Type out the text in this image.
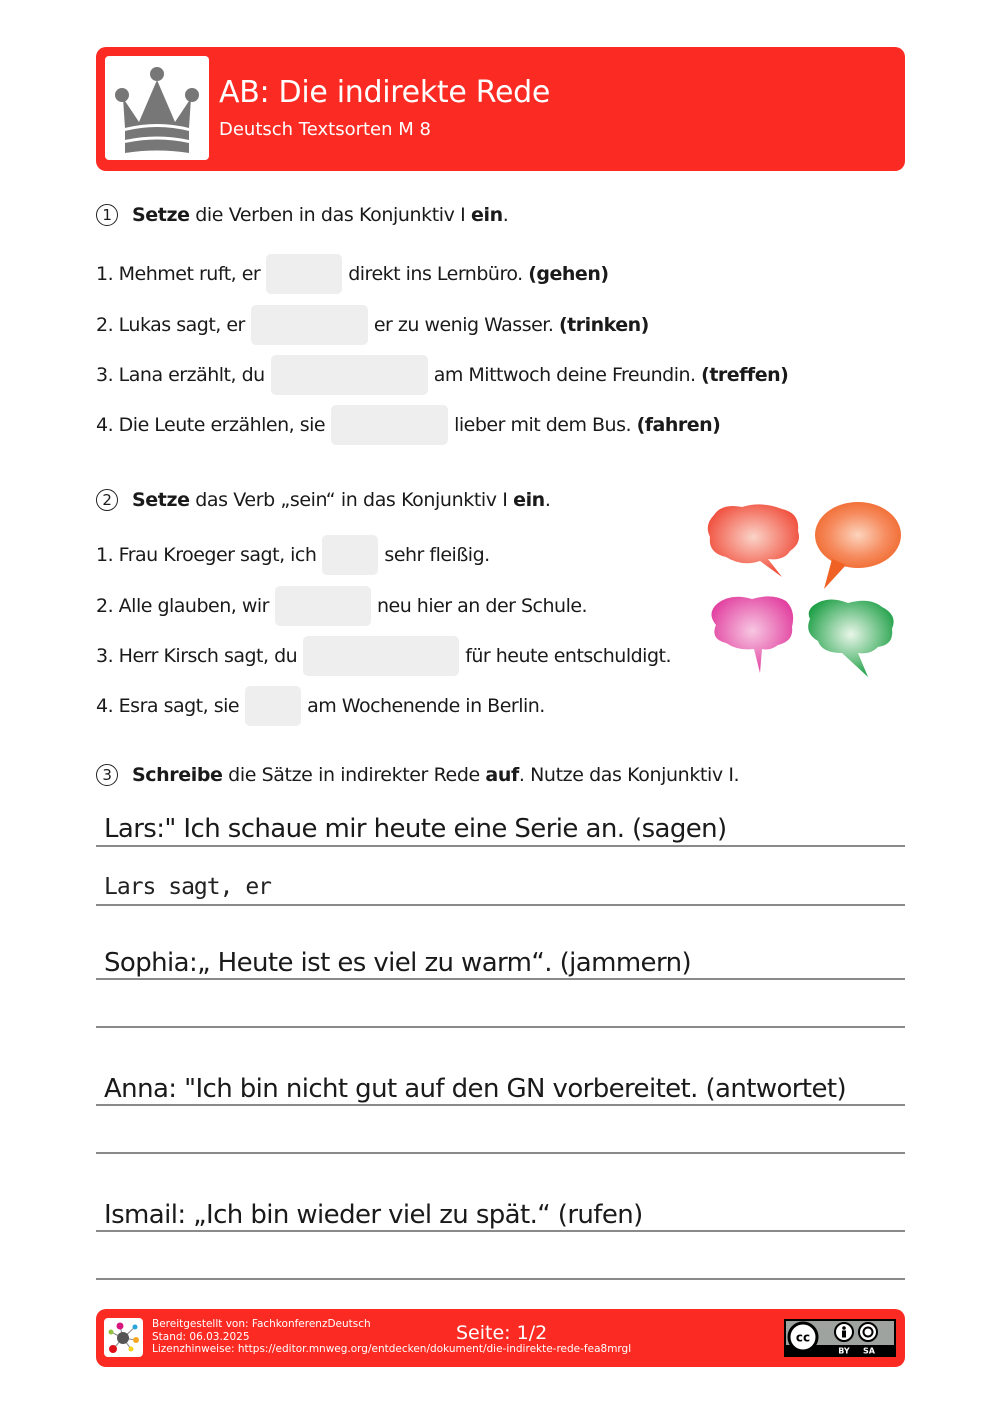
AB: Die indirekte Rede
Deutsch Textsorten M 8
1	Setze die Verben in das Konjunktiv I ein.
1. Mehmet ruft, er	direkt ins Lernbüro.
(gehen)
2. Lukas sagt, er	er zu wenig Wasser.
(trinken)
3. Lana erzählt, du	am Mittwoch deine Freundin.
(treffen)
4. Die Leute erzählen, sie	lieber mit dem Bus.
(fahren)
2	Setze das Verb „sein“ in das Konjunktiv I ein.
1. Frau Kroeger sagt, ich	sehr fleißig.
2. Alle glauben, wir	neu hier an der Schule.
3. Herr Kirsch sagt, du	für heute entschuldigt.
4. Esra sagt, sie	am Wochenende in Berlin.
3	Schreibe die Sätze in indirekter Rede auf. Nutze das Konjunktiv I.
Lars:" Ich schaue mir heute eine Serie an. (sagen)
Lars sagt, er
Sophia:„ Heute ist es viel zu warm“. (jammern)
Anna: "Ich bin nicht gut auf den GN vorbereitet. (antwortet)
Ismail: „Ich bin wieder viel zu spät.“ (rufen)
Bereitgestellt von: FachkonferenzDeutsch
Stand: 06.03.2025
Lizenzhinweise: https://editor.mnweg.org/entdecken/dokument/die-indirekte-rede-fea8mrgl
Seite: 1/2	cc
BY SA
